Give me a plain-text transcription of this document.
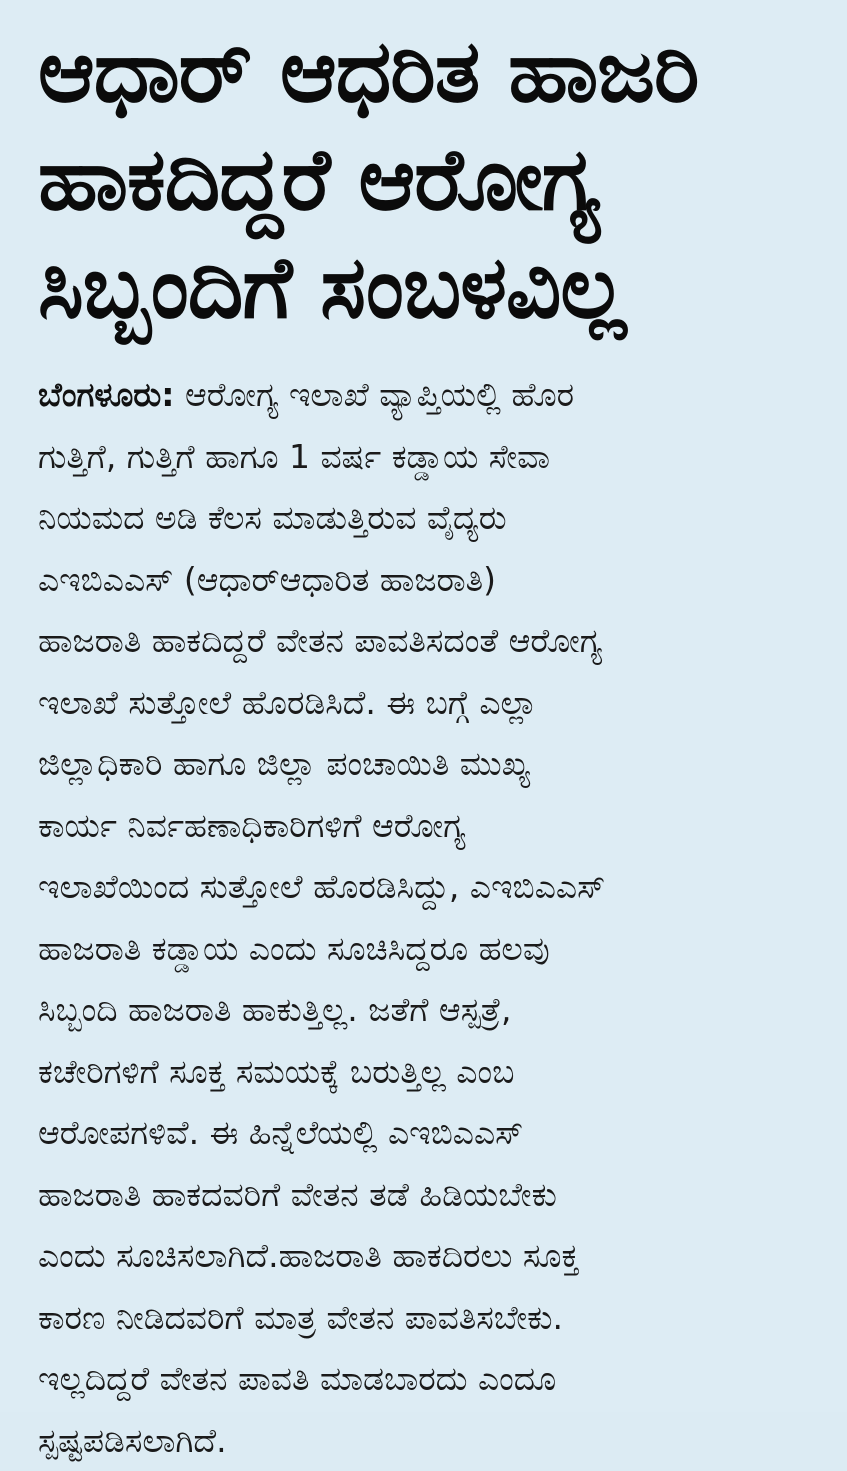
ಆಧಾರ್ ಆಧರಿತ ಹಾಜರಿ
ಹಾಕದಿದ್ದರೆ ಆರೋಗ್ಯ
ಸಿಬ್ಬಂದಿಗೆ ಸಂಬಳವಿಲ್ಲ
ಬೆಂಗಳೂರು: ಆರೋಗ್ಯ ಇಲಾಖೆ ವ್ಯಾಪ್ತಿಯಲ್ಲಿ ಹೊರ
ಗುತ್ತಿಗೆ, ಗುತ್ತಿಗೆ ಹಾಗೂ 1 ವರ್ಷ ಕಡ್ಡಾಯ ಸೇವಾ
ನಿಯಮದ ಅಡಿ ಕೆಲಸ ಮಾಡುತ್ತಿರುವ ವೈದ್ಯರು
ಎಇಬಿಎಎಸ್ (ಆಧಾರ್‌ಆಧಾರಿತ ಹಾಜರಾತಿ)
ಹಾಜರಾತಿ ಹಾಕದಿದ್ದರೆ ವೇತನ ಪಾವತಿಸದಂತೆ ಆರೋಗ್ಯ
ಇಲಾಖೆ ಸುತ್ತೋಲೆ ಹೊರಡಿಸಿದೆ. ಈ ಬಗ್ಗೆ ಎಲ್ಲಾ
ಜಿಲ್ಲಾಧಿಕಾರಿ ಹಾಗೂ ಜಿಲ್ಲಾ ಪಂಚಾಯಿತಿ ಮುಖ್ಯ
ಕಾರ್ಯ ನಿರ್ವಹಣಾಧಿಕಾರಿಗಳಿಗೆ ಆರೋಗ್ಯ
ಇಲಾಖೆಯಿಂದ ಸುತ್ತೋಲೆ ಹೊರಡಿಸಿದ್ದು, ಎಇಬಿಎಎಸ್
ಹಾಜರಾತಿ ಕಡ್ಡಾಯ ಎಂದು ಸೂಚಿಸಿದ್ದರೂ ಹಲವು
ಸಿಬ್ಬಂದಿ ಹಾಜರಾತಿ ಹಾಕುತ್ತಿಲ್ಲ. ಜತೆಗೆ ಆಸ್ಪತ್ರೆ,
ಕಚೇರಿಗಳಿಗೆ ಸೂಕ್ತ ಸಮಯಕ್ಕೆ ಬರುತ್ತಿಲ್ಲ ಎಂಬ
ಆರೋಪಗಳಿವೆ. ಈ ಹಿನ್ನೆಲೆಯಲ್ಲಿ ಎಇಬಿಎಎಸ್
ಹಾಜರಾತಿ ಹಾಕದವರಿಗೆ ವೇತನ ತಡೆ ಹಿಡಿಯಬೇಕು
ಎಂದು ಸೂಚಿಸಲಾಗಿದೆ.ಹಾಜರಾತಿ ಹಾಕದಿರಲು ಸೂಕ್ತ
ಕಾರಣ ನೀಡಿದವರಿಗೆ ಮಾತ್ರ ವೇತನ ಪಾವತಿಸಬೇಕು.
ಇಲ್ಲದಿದ್ದರೆ ವೇತನ ಪಾವತಿ ಮಾಡಬಾರದು ಎಂದೂ
ಸ್ಪಷ್ಟಪಡಿಸಲಾಗಿದೆ.
